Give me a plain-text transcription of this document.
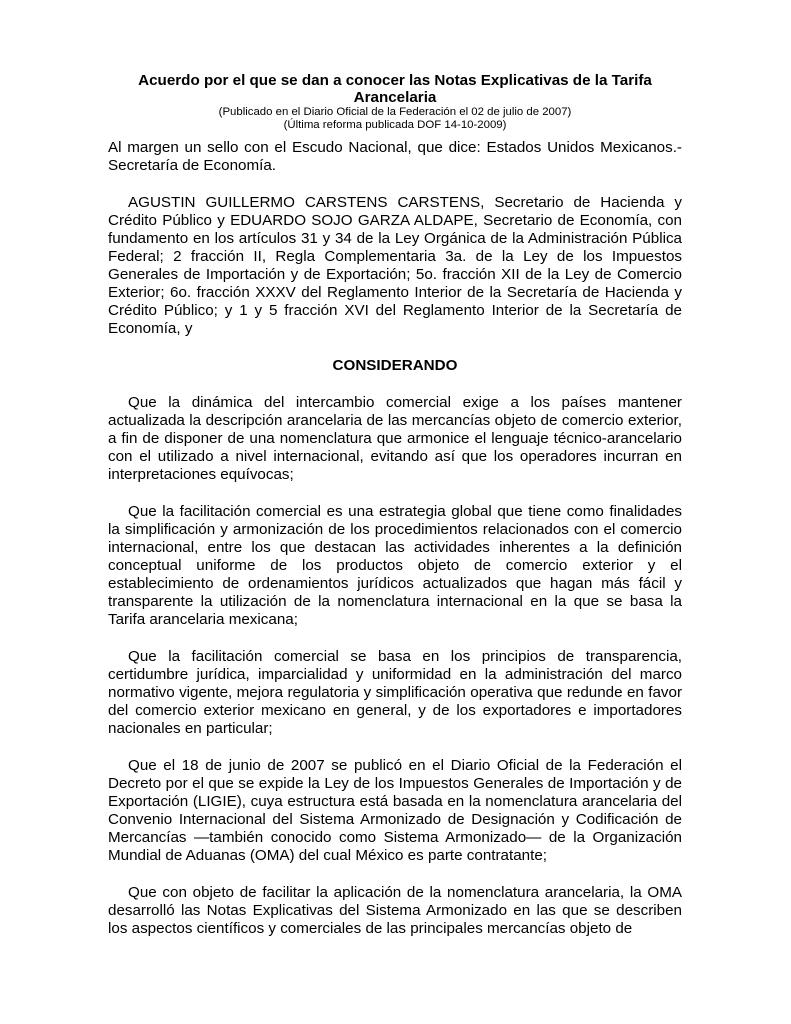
Acuerdo por el que se dan a conocer las Notas Explicativas de la Tarifa Arancelaria

(Publicado en el Diario Oficial de la Federación el 02 de julio de 2007)

(Última reforma publicada DOF 14-10-2009)

Al margen un sello con el Escudo Nacional, que dice: Estados Unidos Mexicanos.- Secretaría de Economía.

AGUSTIN GUILLERMO CARSTENS CARSTENS, Secretario de Hacienda y Crédito Público y EDUARDO SOJO GARZA ALDAPE, Secretario de Economía, con fundamento en los artículos 31 y 34 de la Ley Orgánica de la Administración Pública Federal; 2 fracción II, Regla Complementaria 3a. de la Ley de los Impuestos Generales de Importación y de Exportación; 5o. fracción XII de la Ley de Comercio Exterior; 6o. fracción XXXV del Reglamento Interior de la Secretaría de Hacienda y Crédito Público; y 1 y 5 fracción XVI del Reglamento Interior de la Secretaría de Economía, y

CONSIDERANDO

Que la dinámica del intercambio comercial exige a los países mantener actualizada la descripción arancelaria de las mercancías objeto de comercio exterior, a fin de disponer de una nomenclatura que armonice el lenguaje técnico-arancelario con el utilizado a nivel internacional, evitando así que los operadores incurran en interpretaciones equívocas;

Que la facilitación comercial es una estrategia global que tiene como finalidades la simplificación y armonización de los procedimientos relacionados con el comercio internacional, entre los que destacan las actividades inherentes a la definición conceptual uniforme de los productos objeto de comercio exterior y el establecimiento de ordenamientos jurídicos actualizados que hagan más fácil y transparente la utilización de la nomenclatura internacional en la que se basa la Tarifa arancelaria mexicana;

Que la facilitación comercial se basa en los principios de transparencia, certidumbre jurídica, imparcialidad y uniformidad en la administración del marco normativo vigente, mejora regulatoria y simplificación operativa que redunde en favor del comercio exterior mexicano en general, y de los exportadores e importadores nacionales en particular;

Que el 18 de junio de 2007 se publicó en el Diario Oficial de la Federación el Decreto por el que se expide la Ley de los Impuestos Generales de Importación y de Exportación (LIGIE), cuya estructura está basada en la nomenclatura arancelaria del Convenio Internacional del Sistema Armonizado de Designación y Codificación de Mercancías —también conocido como Sistema Armonizado— de la Organización Mundial de Aduanas (OMA) del cual México es parte contratante;

Que con objeto de facilitar la aplicación de la nomenclatura arancelaria, la OMA desarrolló las Notas Explicativas del Sistema Armonizado en las que se describen los aspectos científicos y comerciales de las principales mercancías objeto de
